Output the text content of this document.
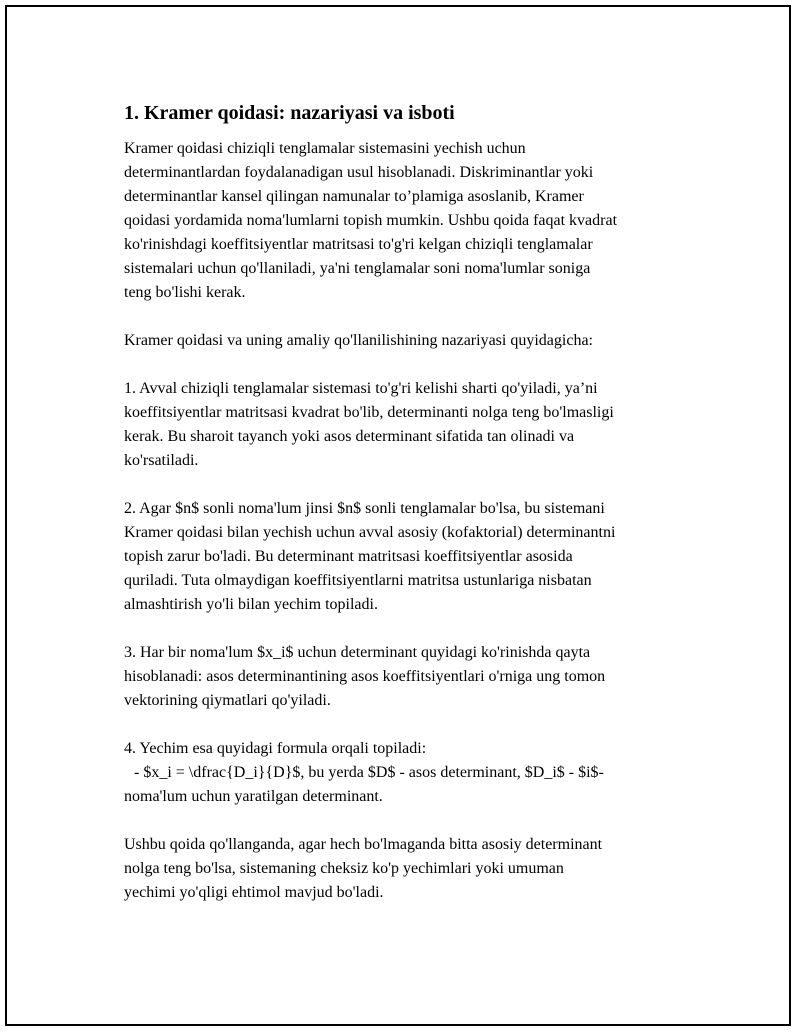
1. Kramer qoidasi: nazariyasi va isboti
Kramer qoidasi chiziqli tenglamalar sistemasini yechish uchun
determinantlardan foydalanadigan usul hisoblanadi. Diskriminantlar yoki
determinantlar kansel qilingan namunalar to’plamiga asoslanib, Kramer
qoidasi yordamida noma'lumlarni topish mumkin. Ushbu qoida faqat kvadrat
ko'rinishdagi koeffitsiyentlar matritsasi to'g'ri kelgan chiziqli tenglamalar
sistemalari uchun qo'llaniladi, ya'ni tenglamalar soni noma'lumlar soniga
teng bo'lishi kerak.
Kramer qoidasi va uning amaliy qo'llanilishining nazariyasi quyidagicha:
1. Avval chiziqli tenglamalar sistemasi to'g'ri kelishi sharti qo'yiladi, ya’ni
koeffitsiyentlar matritsasi kvadrat bo'lib, determinanti nolga teng bo'lmasligi
kerak. Bu sharoit tayanch yoki asos determinant sifatida tan olinadi va
ko'rsatiladi.
2. Agar $n$ sonli noma'lum jinsi $n$ sonli tenglamalar bo'lsa, bu sistemani
Kramer qoidasi bilan yechish uchun avval asosiy (kofaktorial) determinantni
topish zarur bo'ladi. Bu determinant matritsasi koeffitsiyentlar asosida
quriladi. Tuta olmaydigan koeffitsiyentlarni matritsa ustunlariga nisbatan
almashtirish yo'li bilan yechim topiladi.
3. Har bir noma'lum $x_i$ uchun determinant quyidagi ko'rinishda qayta
hisoblanadi: asos determinantining asos koeffitsiyentlari o'rniga ung tomon
vektorining qiymatlari qo'yiladi.
4. Yechim esa quyidagi formula orqali topiladi:
- $x_i = \dfrac{D_i}{D}$, bu yerda $D$ - asos determinant, $D_i$ - $i$-
noma'lum uchun yaratilgan determinant.
Ushbu qoida qo'llanganda, agar hech bo'lmaganda bitta asosiy determinant
nolga teng bo'lsa, sistemaning cheksiz ko'p yechimlari yoki umuman
yechimi yo'qligi ehtimol mavjud bo'ladi.
